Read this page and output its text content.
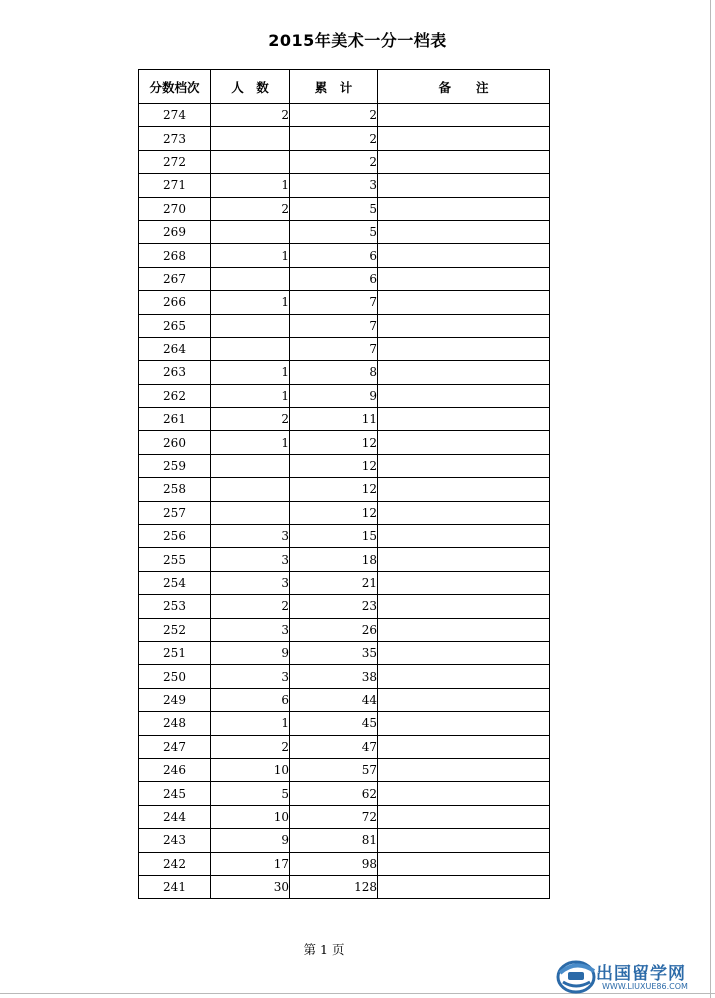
2015年美术一分一档表
分数档次	人　数	累　计	备　　注
274	2	2	
273		2	
272		2	
271	1	3	
270	2	5	
269		5	
268	1	6	
267		6	
266	1	7	
265		7	
264		7	
263	1	8	
262	1	9	
261	2	11	
260	1	12	
259		12	
258		12	
257		12	
256	3	15	
255	3	18	
254	3	21	
253	2	23	
252	3	26	
251	9	35	
250	3	38	
249	6	44	
248	1	45	
247	2	47	
246	10	57	
245	5	62	
244	10	72	
243	9	81	
242	17	98	
241	30	128	
第 1 页
出国留学网
WWW.LIUXUE86.COM
